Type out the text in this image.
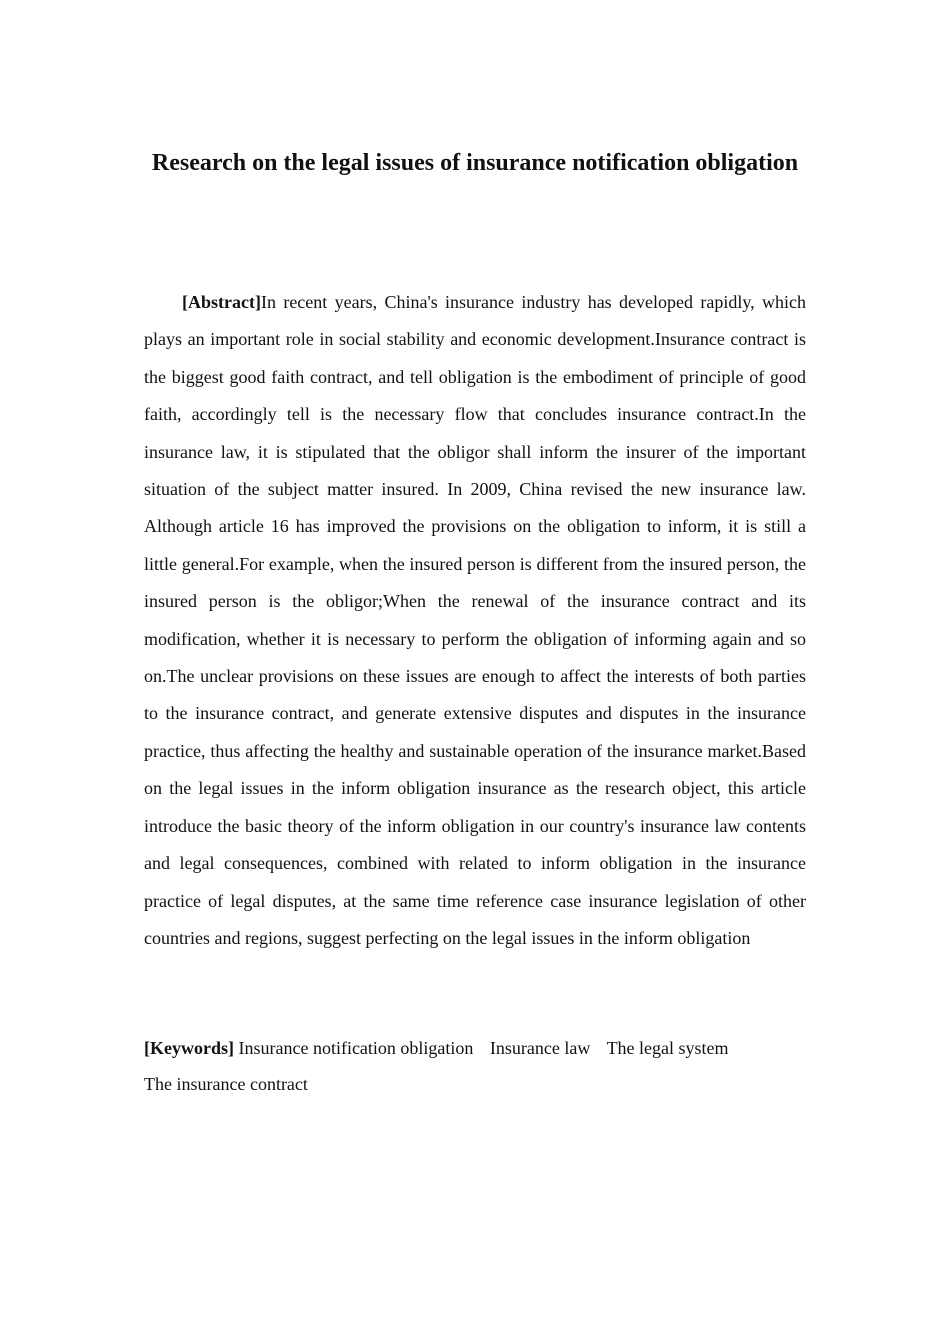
Research on the legal issues of insurance notification obligation

[Abstract]In recent years, China's insurance industry has developed rapidly, which plays an important role in social stability and economic development.Insurance contract is the biggest good faith contract, and tell obligation is the embodiment of principle of good faith, accordingly tell is the necessary flow that concludes insurance contract.In the insurance law, it is stipulated that the obligor shall inform the insurer of the important situation of the subject matter insured. In 2009, China revised the new insurance law. Although article 16 has improved the provisions on the obligation to inform, it is still a little general.For example, when the insured person is different from the insured person, the insured person is the obligor;When the renewal of the insurance contract and its modification, whether it is necessary to perform the obligation of informing again and so on.The unclear provisions on these issues are enough to affect the interests of both parties to the insurance contract, and generate extensive disputes and disputes in the insurance practice, thus affecting the healthy and sustainable operation of the insurance market.Based on the legal issues in the inform obligation insurance as the research object, this article introduce the basic theory of the inform obligation in our country's insurance law contents and legal consequences, combined with related to inform obligation in the insurance practice of legal disputes, at the same time reference case insurance legislation of other countries and regions, suggest perfecting on the legal issues in the inform obligation

[Keywords] Insurance notification obligation Insurance law The legal system
The insurance contract
